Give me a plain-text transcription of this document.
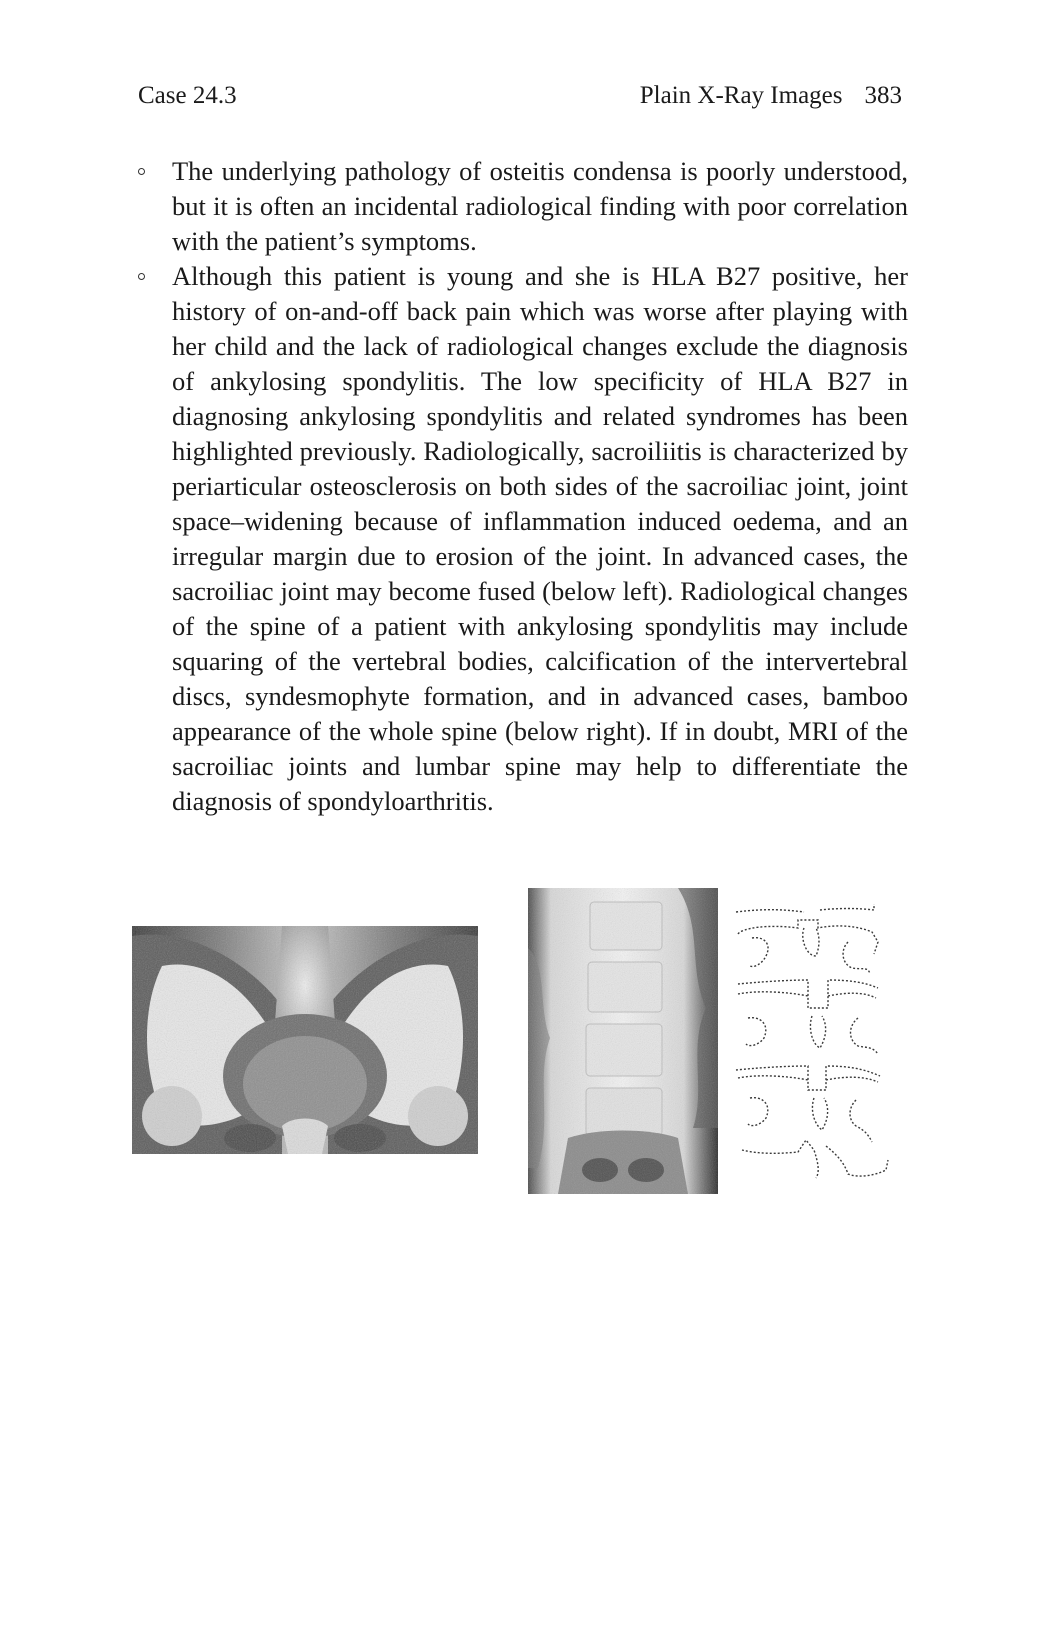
Case 24.3	Plain X-Ray Images 383
The underlying pathology of osteitis condensa is poorly understood, but it is often an incidental radiological finding with poor correlation with the patient’s symptoms.
Although this patient is young and she is HLA B27 positive, her history of on-and-off back pain which was worse after playing with her child and the lack of radiological changes exclude the diagnosis of ankylosing spondylitis. The low specificity of HLA B27 in diagnosing ankylosing spondylitis and related syndromes has been highlighted previously. Radiologically, sacroiliitis is characterized by periarticular osteosclerosis on both sides of the sacroiliac joint, joint space–widening because of inflammation induced oedema, and an irregular margin due to erosion of the joint. In advanced cases, the sacroiliac joint may become fused (below left). Radiological changes of the spine of a patient with ankylosing spondylitis may include squaring of the vertebral bodies, calcification of the intervertebral discs, syndesmophyte formation, and in advanced cases, bamboo appearance of the whole spine (below right). If in doubt, MRI of the sacroiliac joints and lumbar spine may help to differentiate the diagnosis of spondyloarthritis.
